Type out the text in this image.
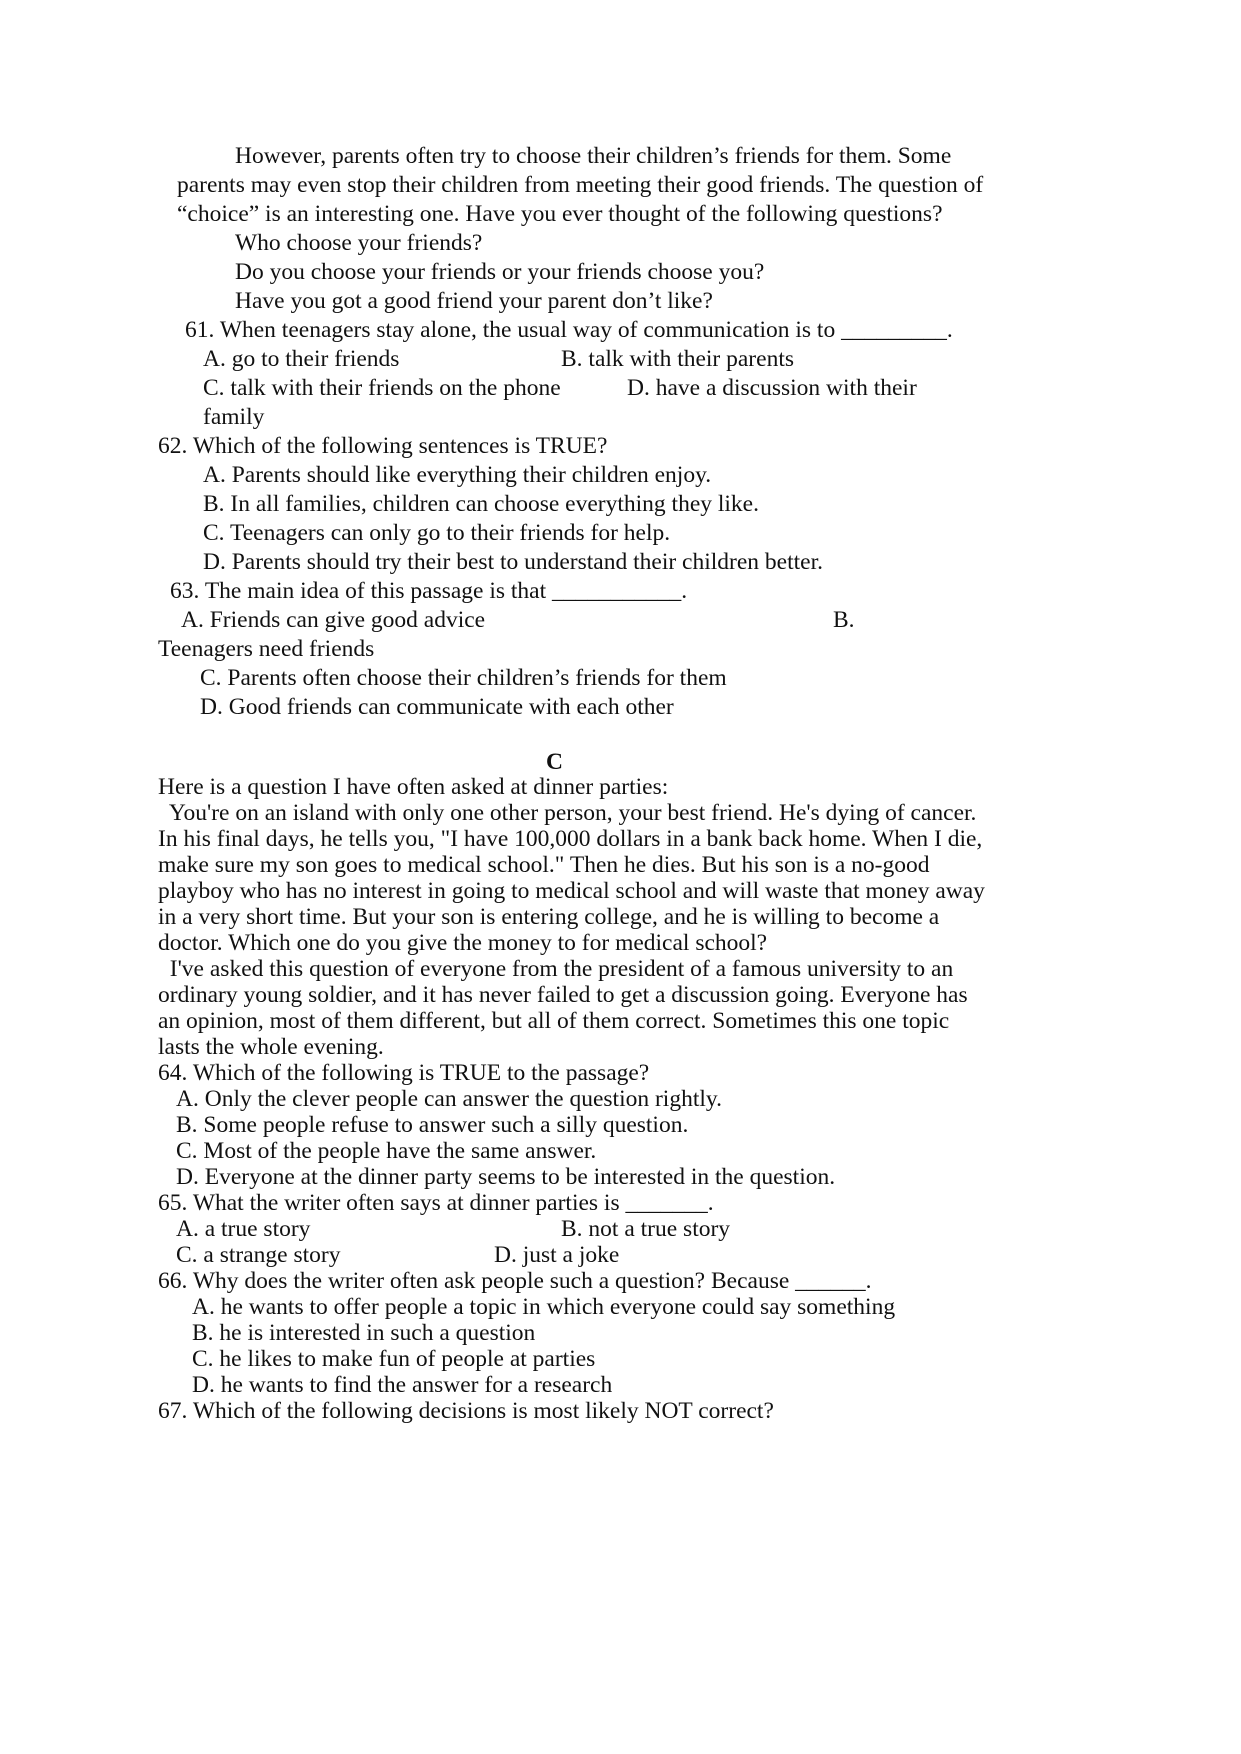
However, parents often try to choose their children’s friends for them. Some
parents may even stop their children from meeting their good friends. The question of
“choice” is an interesting one. Have you ever thought of the following questions?
Who choose your friends?
Do you choose your friends or your friends choose you?
Have you got a good friend your parent don’t like?
61. When teenagers stay alone, the usual way of communication is to _________.
A. go to their friends	B. talk with their parents
C. talk with their friends on the phone	D. have a discussion with their
family
62. Which of the following sentences is TRUE?
A. Parents should like everything their children enjoy.
B. In all families, children can choose everything they like.
C. Teenagers can only go to their friends for help.
D. Parents should try their best to understand their children better.
63. The main idea of this passage is that ___________.
A. Friends can give good advice	B.
Teenagers need friends
C. Parents often choose their children’s friends for them
D. Good friends can communicate with each other
C
Here is a question I have often asked at dinner parties:
You're on an island with only one other person, your best friend. He's dying of cancer.
In his final days, he tells you, "I have 100,000 dollars in a bank back home. When I die,
make sure my son goes to medical school." Then he dies. But his son is a no-good
playboy who has no interest in going to medical school and will waste that money away
in a very short time. But your son is entering college, and he is willing to become a
doctor. Which one do you give the money to for medical school?
I've asked this question of everyone from the president of a famous university to an
ordinary young soldier, and it has never failed to get a discussion going. Everyone has
an opinion, most of them different, but all of them correct. Sometimes this one topic
lasts the whole evening.
64. Which of the following is TRUE to the passage?
A. Only the clever people can answer the question rightly.
B. Some people refuse to answer such a silly question.
C. Most of the people have the same answer.
D. Everyone at the dinner party seems to be interested in the question.
65. What the writer often says at dinner parties is _______.
A. a true story	B. not a true story
C. a strange story	D. just a joke
66. Why does the writer often ask people such a question? Because ______.
A. he wants to offer people a topic in which everyone could say something
B. he is interested in such a question
C. he likes to make fun of people at parties
D. he wants to find the answer for a research
67. Which of the following decisions is most likely NOT correct?
